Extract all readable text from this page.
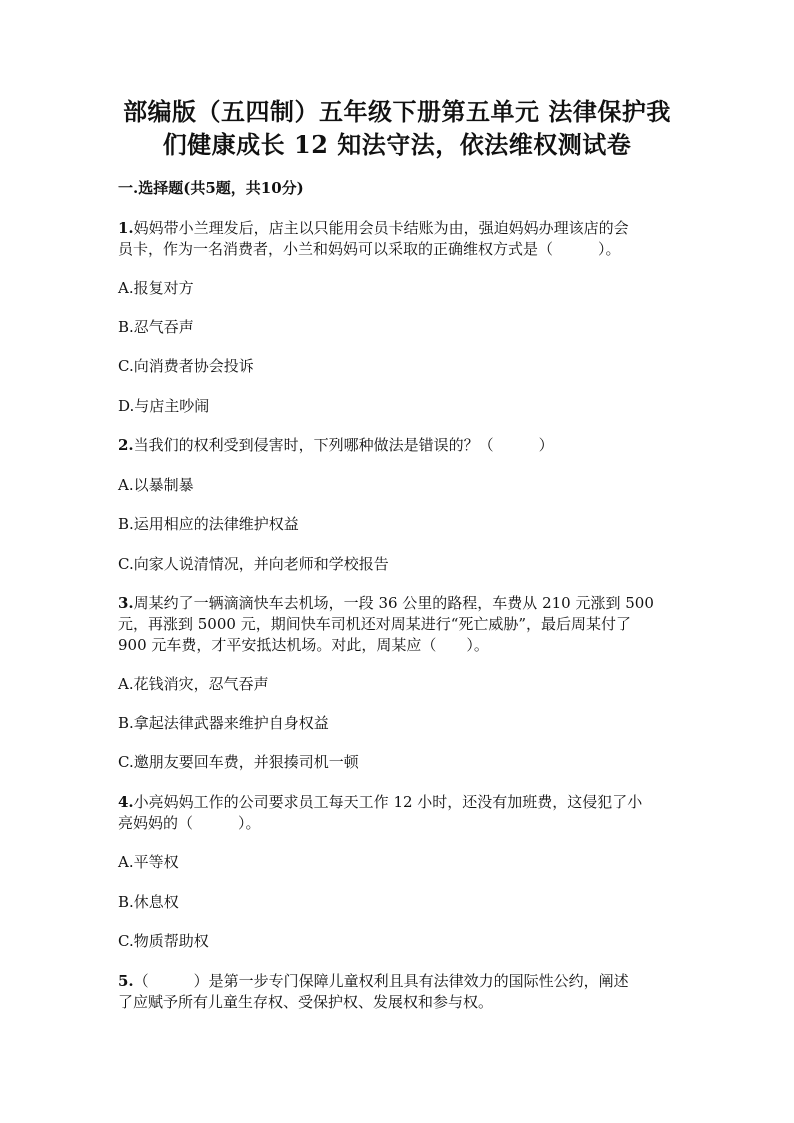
部编版（五四制）五年级下册第五单元 法律保护我
们健康成长 12 知法守法，依法维权测试卷
一.选择题(共5题，共10分)
1.妈妈带小兰理发后，店主以只能用会员卡结账为由，强迫妈妈办理该店的会
员卡，作为一名消费者，小兰和妈妈可以采取的正确维权方式是（　　　）。
A.报复对方
B.忍气吞声
C.向消费者协会投诉
D.与店主吵闹
2.当我们的权利受到侵害时，下列哪种做法是错误的？（　　　）
A.以暴制暴
B.运用相应的法律维护权益
C.向家人说清情况，并向老师和学校报告
3.周某约了一辆滴滴快车去机场，一段 36 公里的路程，车费从 210 元涨到 500
元，再涨到 5000 元，期间快车司机还对周某进行“死亡威胁”，最后周某付了
900 元车费，才平安抵达机场。对此，周某应（　　）。
A.花钱消灾，忍气吞声
B.拿起法律武器来维护自身权益
C.邀朋友要回车费，并狠揍司机一顿
4.小亮妈妈工作的公司要求员工每天工作 12 小时，还没有加班费，这侵犯了小
亮妈妈的（　　　）。
A.平等权
B.休息权
C.物质帮助权
5.（　　　）是第一步专门保障儿童权利且具有法律效力的国际性公约，阐述
了应赋予所有儿童生存权、受保护权、发展权和参与权。
